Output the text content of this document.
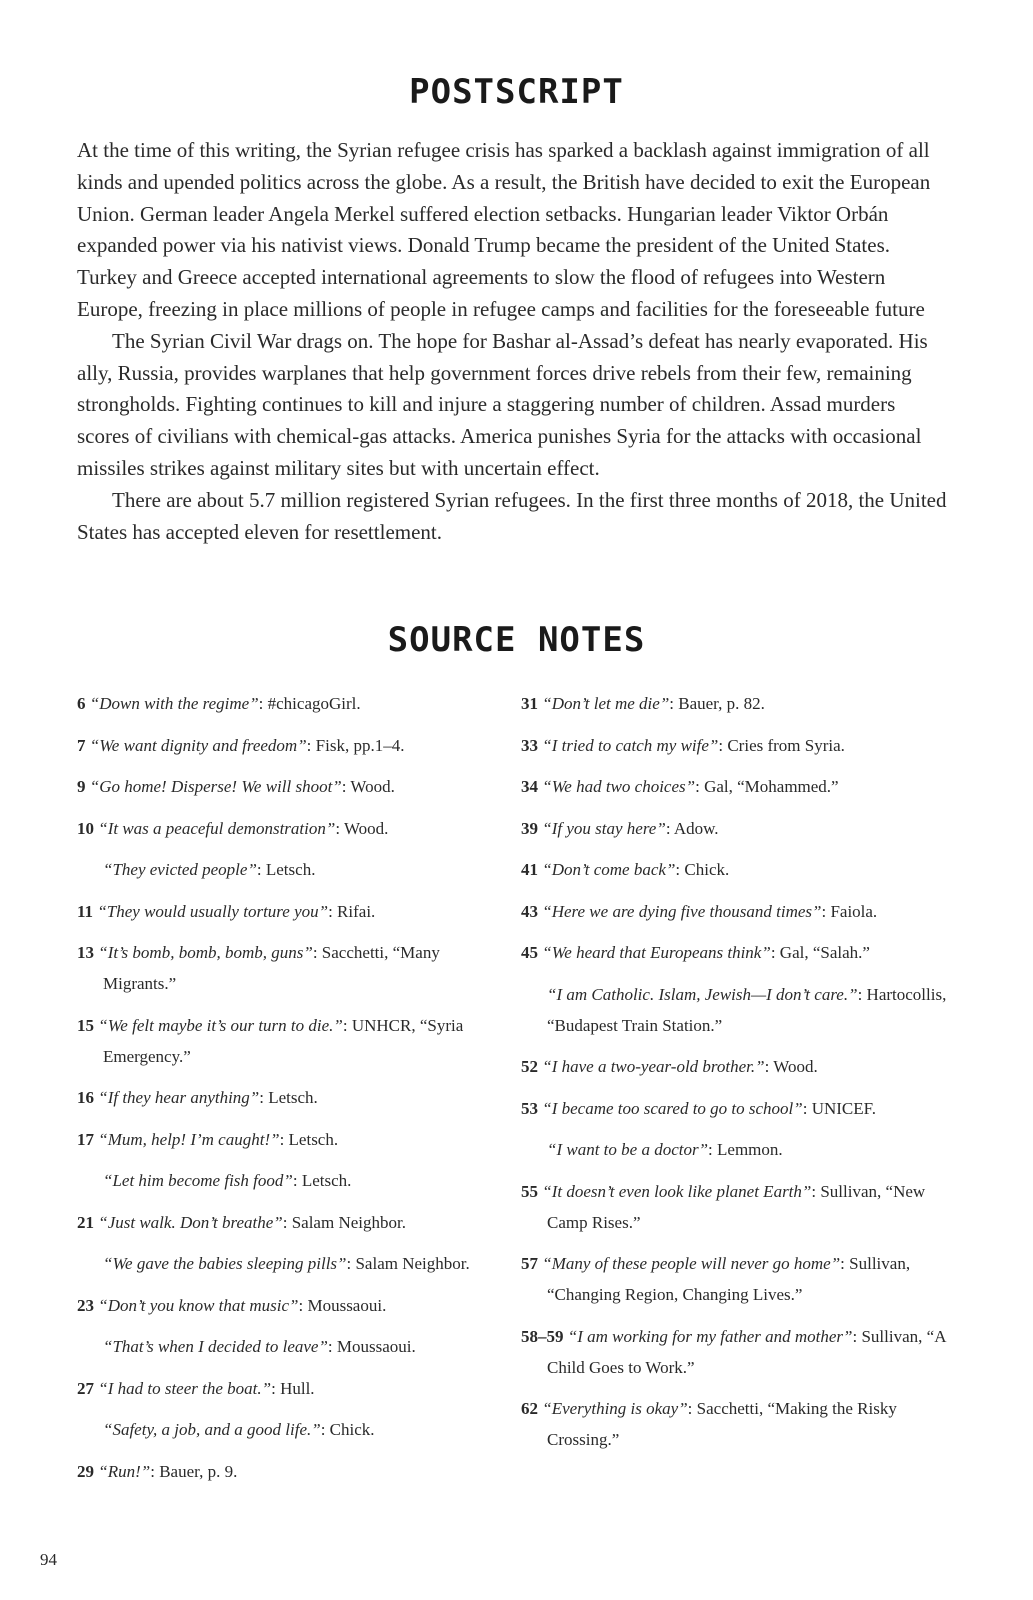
POSTSCRIPT

At the time of this writing, the Syrian refugee crisis has sparked a backlash against immigration of all kinds and upended politics across the globe. As a result, the British have decided to exit the European Union. German leader Angela Merkel suffered election setbacks. Hungarian leader Viktor Orbán expanded power via his nativist views. Donald Trump became the president of the United States. Turkey and Greece accepted international agreements to slow the flood of refugees into Western Europe, freezing in place millions of people in refugee camps and facilities for the foreseeable future

The Syrian Civil War drags on. The hope for Bashar al-Assad’s defeat has nearly evaporated. His ally, Russia, provides warplanes that help government forces drive rebels from their few, remaining strongholds. Fighting continues to kill and injure a staggering number of children. Assad murders scores of civilians with chemical-gas attacks. America punishes Syria for the attacks with occasional missiles strikes against military sites but with uncertain effect.

There are about 5.7 million registered Syrian refugees. In the first three months of 2018, the United States has accepted eleven for resettlement.

SOURCE NOTES

6 “Down with the regime”: #chicagoGirl.

7 “We want dignity and freedom”: Fisk, pp.1–4.

9 “Go home! Disperse! We will shoot”: Wood.

10 “It was a peaceful demonstration”: Wood.

“They evicted people”: Letsch.

11 “They would usually torture you”: Rifai.

13 “It’s bomb, bomb, bomb, guns”: Sacchetti, “Many Migrants.”

15 “We felt maybe it’s our turn to die.”: UNHCR, “Syria Emergency.”

16 “If they hear anything”: Letsch.

17 “Mum, help! I’m caught!”: Letsch.

“Let him become fish food”: Letsch.

21 “Just walk. Don’t breathe”: Salam Neighbor.

“We gave the babies sleeping pills”: Salam Neighbor.

23 “Don’t you know that music”: Moussaoui.

“That’s when I decided to leave”: Moussaoui.

27 “I had to steer the boat.”: Hull.

“Safety, a job, and a good life.”: Chick.

29 “Run!”: Bauer, p. 9.

31 “Don’t let me die”: Bauer, p. 82.

33 “I tried to catch my wife”: Cries from Syria.

34 “We had two choices”: Gal, “Mohammed.”

39 “If you stay here”: Adow.

41 “Don’t come back”: Chick.

43 “Here we are dying five thousand times”: Faiola.

45 “We heard that Europeans think”: Gal, “Salah.”

“I am Catholic. Islam, Jewish—I don’t care.”: Hartocollis, “Budapest Train Station.”

52 “I have a two-year-old brother.”: Wood.

53 “I became too scared to go to school”: UNICEF.

“I want to be a doctor”: Lemmon.

55 “It doesn’t even look like planet Earth”: Sullivan, “New Camp Rises.”

57 “Many of these people will never go home”: Sullivan, “Changing Region, Changing Lives.”

58–59 “I am working for my father and mother”: Sullivan, “A Child Goes to Work.”

62 “Everything is okay”: Sacchetti, “Making the Risky Crossing.”

94
